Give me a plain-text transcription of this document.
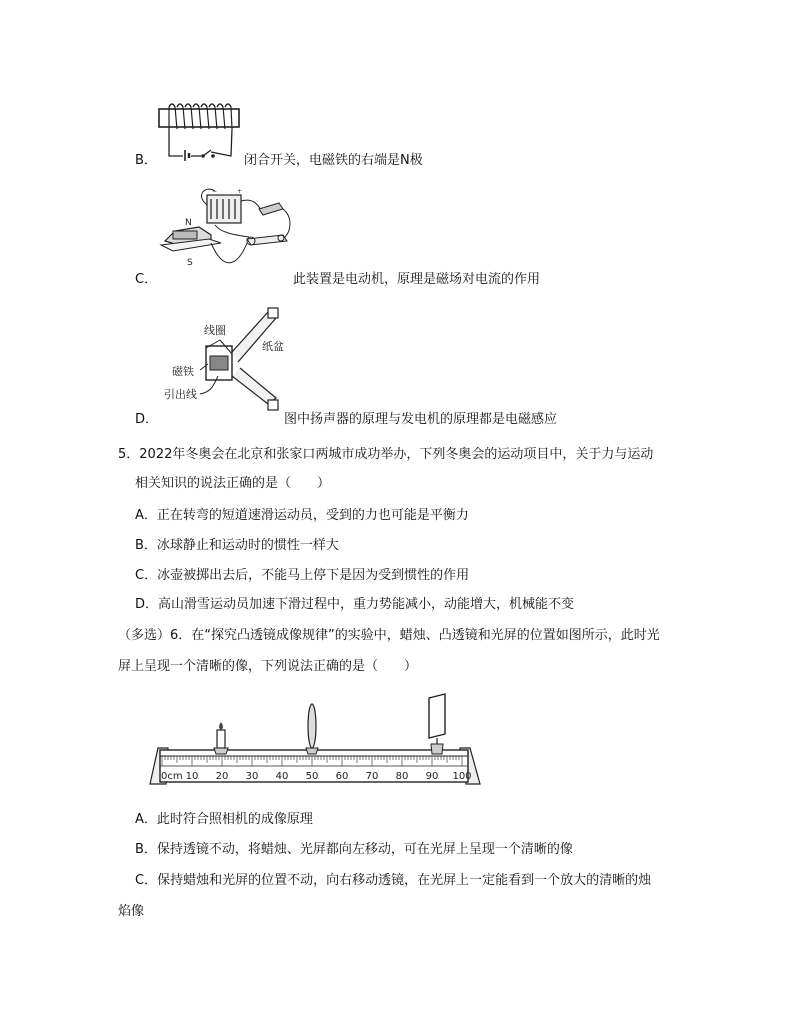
B．	闭合开关，电磁铁的右端是N极
−	+
N
S
C．	此装置是电动机，原理是磁场对电流的作用
线圈
纸盆
磁铁
引出线
D．	图中扬声器的原理与发电机的原理都是电磁感应
5．2022年冬奥会在北京和张家口两城市成功举办，下列冬奥会的运动项目中，关于力与运动
相关知识的说法正确的是（　　）
A．正在转弯的短道速滑运动员，受到的力也可能是平衡力
B．冰球静止和运动时的惯性一样大
C．冰壶被掷出去后，不能马上停下是因为受到惯性的作用
D．高山滑雪运动员加速下滑过程中，重力势能减小，动能增大，机械能不变
（多选）6．在“探究凸透镜成像规律”的实验中，蜡烛、凸透镜和光屏的位置如图所示，此时光
屏上呈现一个清晰的像，下列说法正确的是（　　）
0cm 10 20 30 40 50 60 70 80 90 100
A．此时符合照相机的成像原理
B．保持透镜不动，将蜡烛、光屏都向左移动，可在光屏上呈现一个清晰的像
C．保持蜡烛和光屏的位置不动，向右移动透镜，在光屏上一定能看到一个放大的清晰的烛
焰像
